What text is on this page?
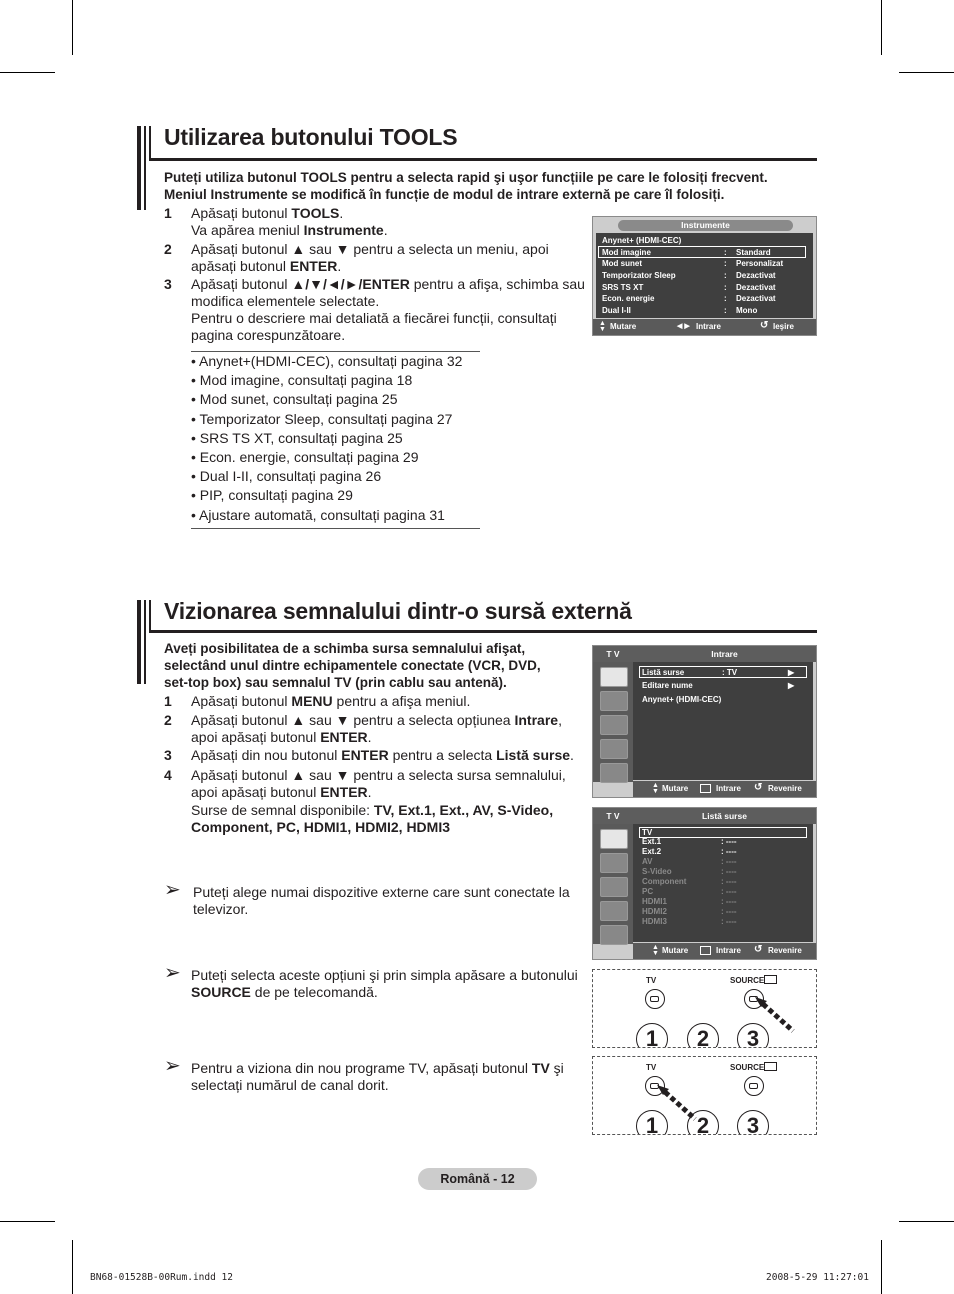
Utilizarea butonului TOOLS
Puteți utiliza butonul TOOLS pentru a selecta rapid şi uşor funcțiile pe care le folosiți frecvent.
Meniul Instrumente se modifică în funcție de modul de intrare externă pe care îl folosiți.
1 Apăsați butonul TOOLS.
Va apărea meniul Instrumente.
2 Apăsați butonul ▲ sau ▼ pentru a selecta un meniu, apoi
apăsați butonul ENTER.
3 Apăsați butonul ▲/▼/◄/►/ENTER pentru a afişa, schimba sau
modifica elementele selectate.
Pentru o descriere mai detaliată a fiecărei funcții, consultați
pagina corespunzătoare.
• Anynet+(HDMI-CEC), consultați pagina 32
• Mod imagine, consultați pagina 18
• Mod sunet, consultați pagina 25
• Temporizator Sleep, consultați pagina 27
• SRS TS XT, consultați pagina 25
• Econ. energie, consultați pagina 29
• Dual I-II, consultați pagina 26
• PIP, consultați pagina 29
• Ajustare automată, consultați pagina 31
Instrumente
Anynet+ (HDMI-CEC)
Mod imagine	: Standard
Mod sunet	: Personalizat
Temporizator Sleep	: Dezactivat
SRS TS XT	: Dezactivat
Econ. energie	: Dezactivat
Dual I-II	: Mono
▲
▼ Mutare	◀ ▶ Intrare	↺ Ieşire
Vizionarea semnalului dintr-o sursă externă
Aveți posibilitatea de a schimba sursa semnalului afişat,
selectând unul dintre echipamentele conectate (VCR, DVD,
set-top box) sau semnalul TV (prin cablu sau antenă).
1 Apăsați butonul MENU pentru a afişa meniul.
2 Apăsați butonul ▲ sau ▼ pentru a selecta opțiunea Intrare,
apoi apăsați butonul ENTER.
3 Apăsați din nou butonul ENTER pentru a selecta Listă surse.
4 Apăsați butonul ▲ sau ▼ pentru a selecta sursa semnalului,
apoi apăsați butonul ENTER.
Surse de semnal disponibile: TV, Ext.1, Ext., AV, S-Video,
Component, PC, HDMI1, HDMI2, HDMI3
➢ Puteți alege numai dispozitive externe care sunt conectate la
televizor.
➢ Puteți selecta aceste opțiuni şi prin simpla apăsare a butonului
SOURCE de pe telecomandă.
➢ Pentru a viziona din nou programe TV, apăsați butonul TV şi
selectați numărul de canal dorit.
T V	Intrare
Listă surse	: TV	▶
Editare nume	▶
Anynet+ (HDMI-CEC)
▲
▼ Mutare	Intrare ↺ Revenire
T V	Listă surse
TV
Ext.1	: ----
Ext.2	: ----
AV	: ----
S-Video	: ----
Component	: ----
PC	: ----
HDMI1	: ----
HDMI2	: ----
HDMI3	: ----
▲
▼ Mutare	Intrare ↺ Revenire
TV	SOURCE
1	2	3
TV	SOURCE
1	2	3
Română - 12
BN68-01528B-00Rum.indd 12	2008-5-29 11:27:01
